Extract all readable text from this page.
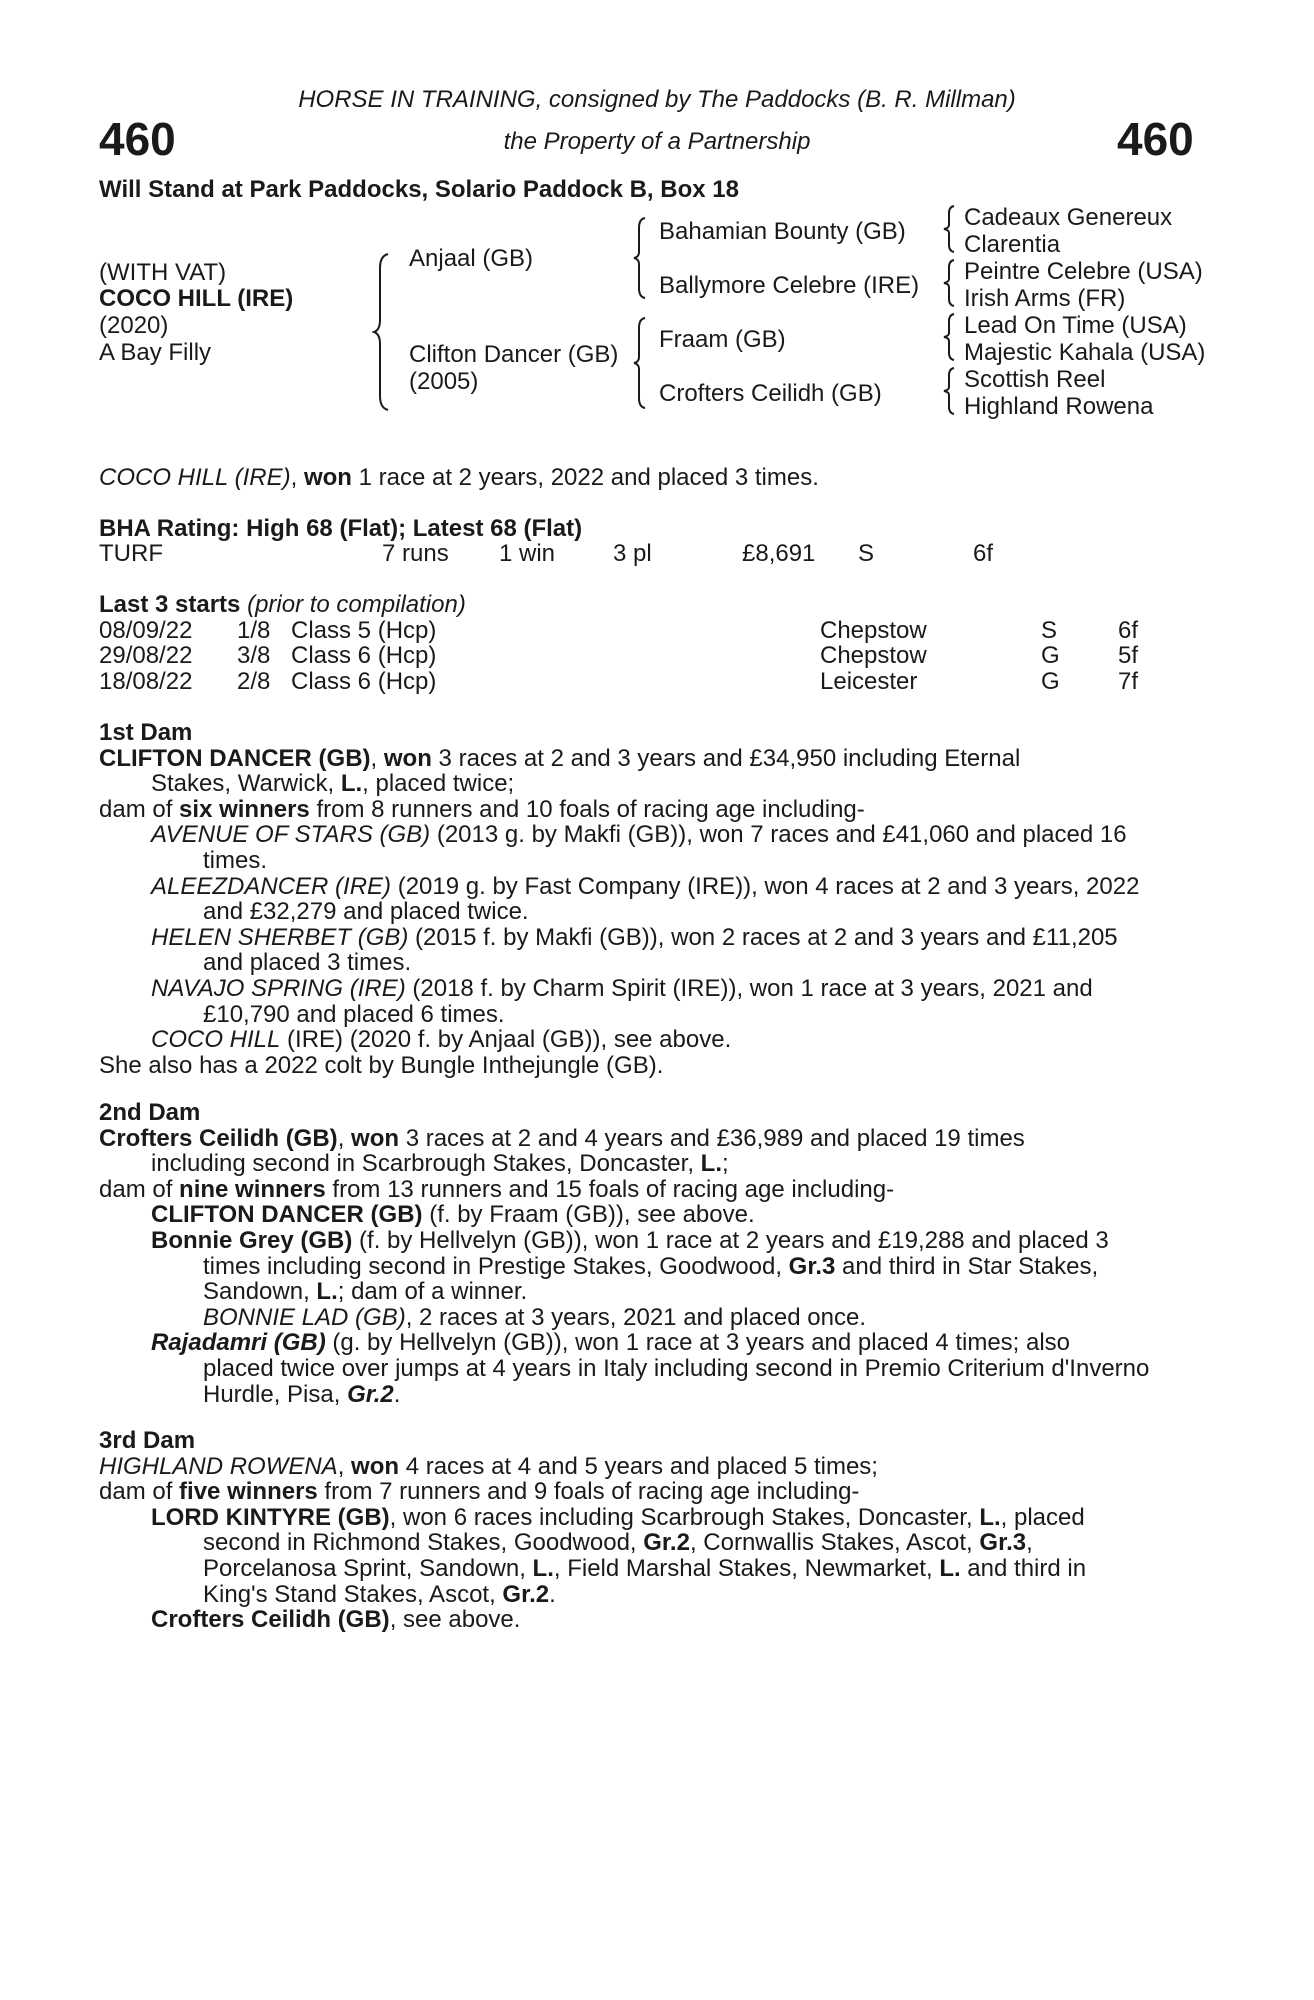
460	460
HORSE IN TRAINING, consigned by The Paddocks (B. R. Millman)
the Property of a Partnership
Will Stand at Park Paddocks, Solario Paddock B, Box 18
(WITH VAT)
COCO HILL (IRE)
(2020)
A Bay Filly
Anjaal (GB)
Clifton Dancer (GB)
(2005)
Bahamian Bounty (GB)
Ballymore Celebre (IRE)
Fraam (GB)
Crofters Ceilidh (GB)
Cadeaux Genereux
Clarentia
Peintre Celebre (USA)
Irish Arms (FR)
Lead On Time (USA)
Majestic Kahala (USA)
Scottish Reel
Highland Rowena
COCO HILL (IRE), won 1 race at 2 years, 2022 and placed 3 times.
BHA Rating: High 68 (Flat); Latest 68 (Flat)
TURF	7 runs 1 win 3 pl	£8,691 S	6f
Last 3 starts (prior to compilation)
08/09/22 1/8 Class 5 (Hcp)	Chepstow	S	6f
29/08/22 3/8 Class 6 (Hcp)	Chepstow	G 5f
18/08/22 2/8 Class 6 (Hcp)	Leicester	G 7f

1st Dam

CLIFTON DANCER (GB), won 3 races at 2 and 3 years and £34,950 including Eternal

Stakes, Warwick, L., placed twice;

dam of six winners from 8 runners and 10 foals of racing age including-

AVENUE OF STARS (GB) (2013 g. by Makfi (GB)), won 7 races and £41,060 and placed 16

times.

ALEEZDANCER (IRE) (2019 g. by Fast Company (IRE)), won 4 races at 2 and 3 years, 2022

and £32,279 and placed twice.

HELEN SHERBET (GB) (2015 f. by Makfi (GB)), won 2 races at 2 and 3 years and £11,205

and placed 3 times.

NAVAJO SPRING (IRE) (2018 f. by Charm Spirit (IRE)), won 1 race at 3 years, 2021 and

£10,790 and placed 6 times.

COCO HILL (IRE) (2020 f. by Anjaal (GB)), see above.

She also has a 2022 colt by Bungle Inthejungle (GB).

2nd Dam

Crofters Ceilidh (GB), won 3 races at 2 and 4 years and £36,989 and placed 19 times

including second in Scarbrough Stakes, Doncaster, L.;

dam of nine winners from 13 runners and 15 foals of racing age including-

CLIFTON DANCER (GB) (f. by Fraam (GB)), see above.

Bonnie Grey (GB) (f. by Hellvelyn (GB)), won 1 race at 2 years and £19,288 and placed 3

times including second in Prestige Stakes, Goodwood, Gr.3 and third in Star Stakes,

Sandown, L.; dam of a winner.

BONNIE LAD (GB), 2 races at 3 years, 2021 and placed once.

Rajadamri (GB) (g. by Hellvelyn (GB)), won 1 race at 3 years and placed 4 times; also

placed twice over jumps at 4 years in Italy including second in Premio Criterium d'Inverno

Hurdle, Pisa, Gr.2.

3rd Dam

HIGHLAND ROWENA, won 4 races at 4 and 5 years and placed 5 times;

dam of five winners from 7 runners and 9 foals of racing age including-

LORD KINTYRE (GB), won 6 races including Scarbrough Stakes, Doncaster, L., placed

second in Richmond Stakes, Goodwood, Gr.2, Cornwallis Stakes, Ascot, Gr.3,

Porcelanosa Sprint, Sandown, L., Field Marshal Stakes, Newmarket, L. and third in

King's Stand Stakes, Ascot, Gr.2.

Crofters Ceilidh (GB), see above.
